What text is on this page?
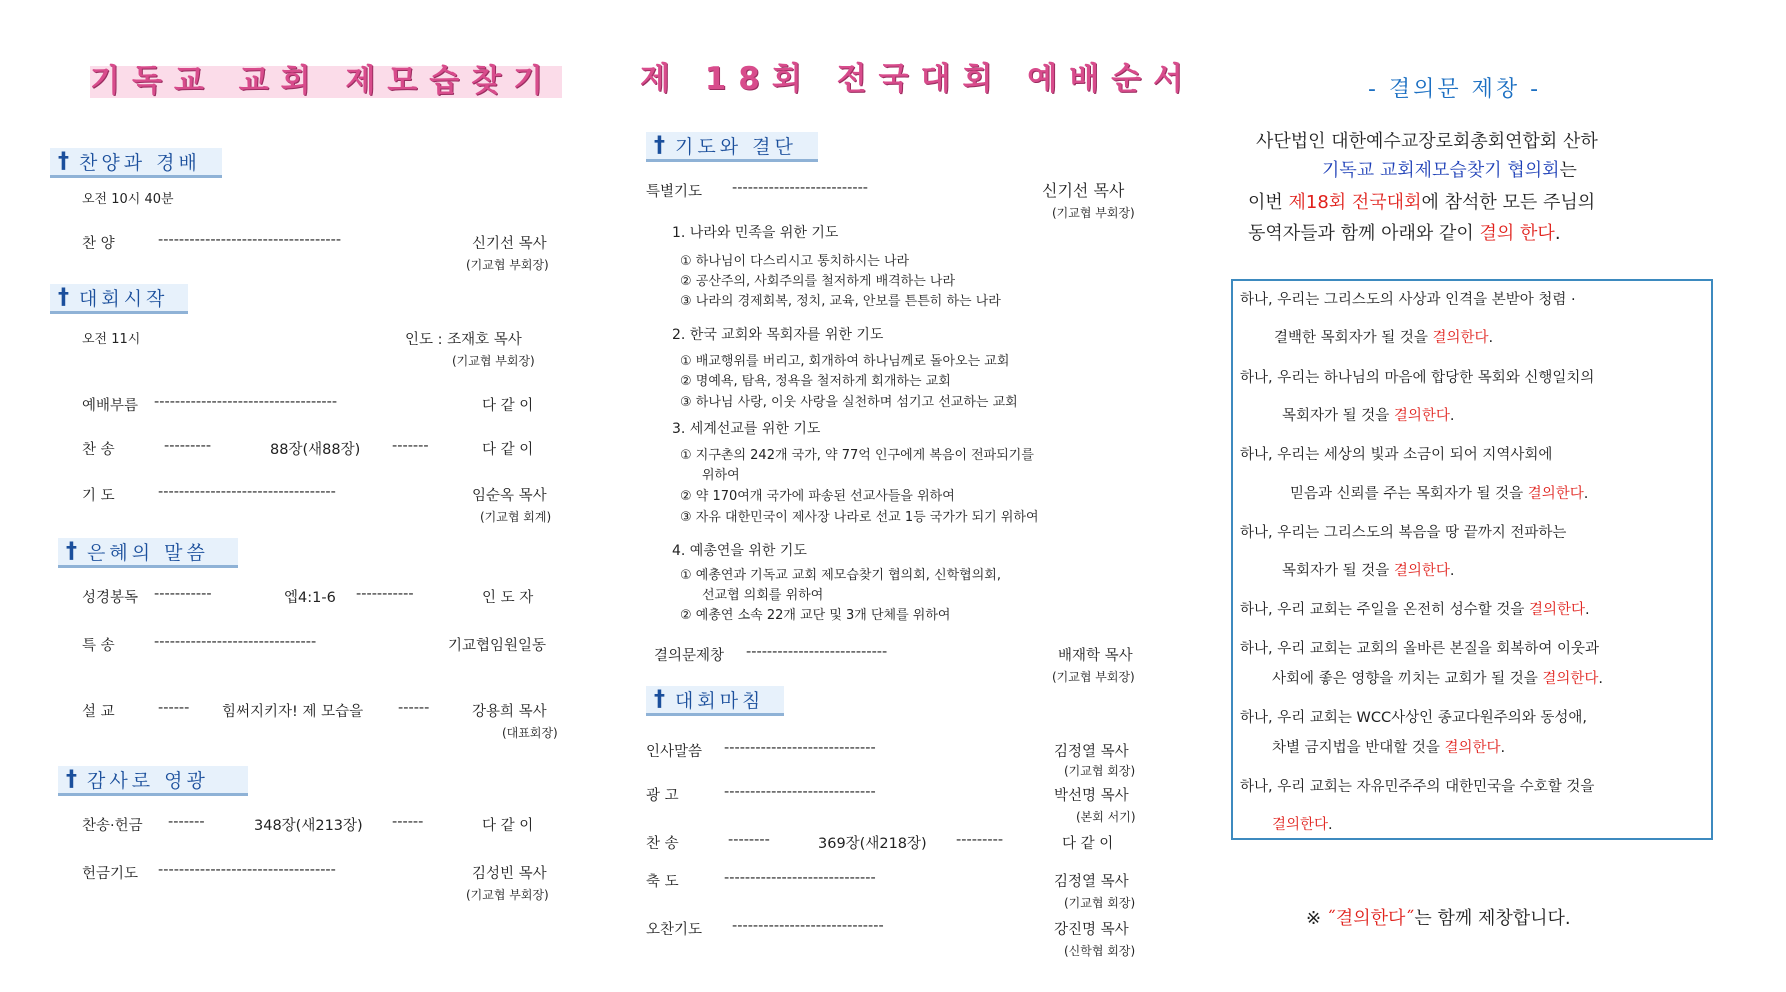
기독교 교회 제모습찾기	제 18회 전국대회 예배순서	- 결의문 제창 -
† 찬양과 경배
오전 10시 40분
찬 양	-----------------------------------	신기선 목사
(기교협 부회장)
† 대회시작
오전 11시	인도 : 조재호 목사
(기교협 부회장)
예배부름 -----------------------------------	다 같 이
찬 송	---------	88장(새88장) -------	다 같 이
기 도	----------------------------------	임순옥 목사
(기교협 회계)
† 은혜의 말씀
성경봉독 -----------	엡4:1-6 -----------	인 도 자
특 송	-------------------------------	기교협임원일동
설 교	------ 힘써지키자! 제 모습을 ------	강용희 목사
(대표회장)
† 감사로 영광
찬송·헌금 -------	348장(새213장) ------	다 같 이
헌금기도 ----------------------------------	김성빈 목사
(기교협 부회장)
† 기도와 결단
특별기도 --------------------------	신기선 목사
(기교협 부회장)
1. 나라와 민족을 위한 기도
① 하나님이 다스리시고 통치하시는 나라
② 공산주의, 사회주의를 철저하게 배격하는 나라
③ 나라의 경제회복, 정치, 교육, 안보를 튼튼히 하는 나라
2. 한국 교회와 목회자를 위한 기도
① 배교행위를 버리고, 회개하여 하나님께로 돌아오는 교회
② 명예욕, 탐욕, 정욕을 철저하게 회개하는 교회
③ 하나님 사랑, 이웃 사랑을 실천하며 섬기고 선교하는 교회
3. 세계선교를 위한 기도
① 지구촌의 242개 국가, 약 77억 인구에게 복음이 전파되기를
위하여
② 약 170여개 국가에 파송된 선교사들을 위하여
③ 자유 대한민국이 제사장 나라로 선교 1등 국가가 되기 위하여
4. 예총연을 위한 기도
① 예총연과 기독교 교회 제모습찾기 협의회, 신학협의회,
선교협 의회를 위하여
② 예총연 소속 22개 교단 및 3개 단체를 위하여
결의문제창 ---------------------------	배재학 목사
(기교협 부회장)
† 대회마침
인사말씀 -----------------------------	김정열 목사
(기교협 회장)
광 고	-----------------------------	박선명 목사
(본회 서기)
찬 송	--------	369장(새218장) ---------	다 같 이
축 도	-----------------------------	김정열 목사
(기교협 회장)
오찬기도 -----------------------------	강진명 목사
(신학협 회장)
사단법인 대한예수교장로회총회연합회 산하
기독교 교회제모습찾기 협의회는
이번 제18회 전국대회에 참석한 모든 주님의
동역자들과 함께 아래와 같이 결의 한다.
하나, 우리는 그리스도의 사상과 인격을 본받아 청렴 ·
결백한 목회자가 될 것을 결의한다.
하나, 우리는 하나님의 마음에 합당한 목회와 신행일치의
목회자가 될 것을 결의한다.
하나, 우리는 세상의 빛과 소금이 되어 지역사회에
믿음과 신뢰를 주는 목회자가 될 것을 결의한다.
하나, 우리는 그리스도의 복음을 땅 끝까지 전파하는
목회자가 될 것을 결의한다.
하나, 우리 교회는 주일을 온전히 성수할 것을 결의한다.
하나, 우리 교회는 교회의 올바른 본질을 회복하여 이웃과
사회에 좋은 영향을 끼치는 교회가 될 것을 결의한다.
하나, 우리 교회는 WCC사상인 종교다원주의와 동성애,
차별 금지법을 반대할 것을 결의한다.
하나, 우리 교회는 자유민주주의 대한민국을 수호할 것을
결의한다.
※ ˝결의한다˝는 함께 제창합니다.
